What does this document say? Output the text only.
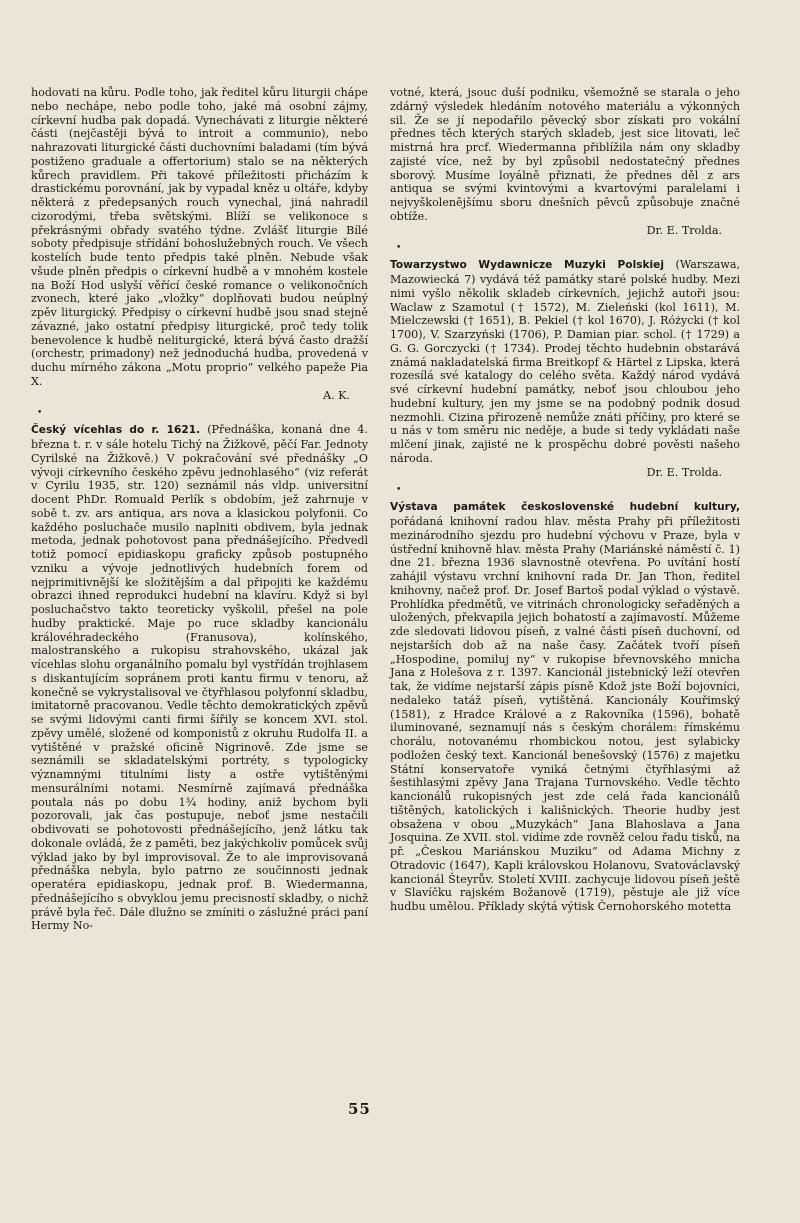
hodovati na kůru. Podle toho, jak ředitel kůru liturgii chápe nebo nechápe, nebo podle toho, jaké má osobní zájmy, církevní hudba pak dopadá. Vynechávati z liturgie některé části (nejčastěji bývá to introit a communio), nebo nahrazovati liturgické části duchovními baladami (tím bývá postiženo graduale a offertorium) stalo se na některých kůrech pravidlem. Při takové příležitosti přicházím k drastickému porovnání, jak by vypadal kněz u oltáře, kdyby některá z předepsaných rouch vynechal, jiná nahradil cizorodými, třeba světskými. Blíží se velikonoce s překrásnými obřady svatého týdne. Zvlášť liturgie Bílé soboty předpisuje střídání bohoslužebných rouch. Ve všech kostelích bude tento předpis také plněn. Nebude však všude plněn předpis o církevní hudbě a v mnohém kostele na Boží Hod uslyší věřící české romance o velikonočních zvonech, které jako „vložky“ doplňovati budou neúplný zpěv liturgický. Předpisy o církevní hudbě jsou snad stejně závazné, jako ostatní předpisy liturgické, proč tedy tolik benevolence k hudbě neliturgické, která bývá často dražší (orchestr, primadony) než jednoduchá hudba, provedená v duchu mírného zákona „Motu proprio“ velkého papeže Pia X.

A. K.

•

Český vícehlas do r. 1621. (Přednáška, konaná dne 4. března t. r. v sále hotelu Tichý na Žižkově, pěčí Far. Jednoty Cyrilské na Žižkově.) V pokračování své přednášky „O vývoji církevního českého zpěvu jednohlasého“ (viz referát v Cyrilu 1935, str. 120) seznámil nás vldp. universitní docent PhDr. Romuald Perlík s obdobím, jež zahrnuje v sobě t. zv. ars antiqua, ars nova a klasickou polyfonii. Co každého posluchače musilo naplniti obdivem, byla jednak metoda, jednak pohotovost pana přednášejícího. Předvedl totiž pomocí epidiaskopu graficky způsob postupného vzniku a vývoje jednotlivých hudebních forem od nejprimitivnější ke složitějším a dal připojiti ke každému obrazci ihned reprodukci hudební na klavíru. Když si byl posluchačstvo takto teoreticky vyškolil, přešel na pole hudby praktické. Maje po ruce skladby kancionálu královéhradeckého (Franusova), kolínského, malostranského a rukopisu strahovského, ukázal jak vícehlas slohu organálního pomalu byl vystřídán trojhlasem s diskantujícím sopránem proti kantu firmu v tenoru, až konečně se vykrystalisoval ve čtyřhlasou polyfonní skladbu, imitatorně pracovanou. Vedle těchto demokratických zpěvů se svými lidovými canti firmi šířily se koncem XVI. stol. zpěvy umělé, složené od komponistů z okruhu Rudolfa II. a vytištěné v pražské oficině Nigrinově. Zde jsme se seznámili se skladatelskými portréty, s typologicky významnými titulními listy a ostře vytištěnými mensurálními notami. Nesmírně zajímavá přednáška poutala nás po dobu 1¾ hodiny, aniž bychom byli pozorovali, jak čas postupuje, neboť jsme nestačili obdivovati se pohotovosti přednášejícího, jenž látku tak dokonale ovládá, že z paměti, bez jakýchkoliv pomůcek svůj výklad jako by byl improvisoval. Že to ale improvisovaná přednáška nebyla, bylo patrno ze součinnosti jednak operatéra epidiaskopu, jednak prof. B. Wiedermanna, přednášejícího s obvyklou jemu precisností skladby, o nichž právě byla řeč. Dále dlužno se zmíniti o záslužné práci paní Hermy No-

votné, která, jsouc duší podniku, všemožně se starala o jeho zdárný výsledek hledáním notového materiálu a výkonných sil. Že se jí nepodařilo pěvecký sbor získati pro vokální přednes těch kterých starých skladeb, jest sice litovati, leč mistrná hra prcf. Wiedermanna přiblížila nám ony skladby zajisté více, než by byl způsobil nedostatečný přednes sborový. Musíme loyálně přiznati, že přednes děl z ars antiqua se svými kvintovými a kvartovými paralelami i nejvyškolenějšímu sboru dnešních pěvců způsobuje značné obtíže.

Dr. E. Trolda.

•

Towarzystwo Wydawnicze Muzyki Polskiej (Warszawa, Mazowiecká 7) vydává též památky staré polské hudby. Mezi nimi vyšlo několik skladeb církevních, jejichž autoři jsou: Waclaw z Szamotul († 1572), M. Zieleński (kol 1611), M. Mielczewski († 1651), B. Pekiel († kol 1670), J. Różycki († kol 1700), V. Szarzyński (1706), P. Damian piar. schol. († 1729) a G. G. Gorczycki († 1734). Prodej těchto hudebnin obstarává známá nakladatelská firma Breitkopf & Härtel z Lipska, která rozesílá své katalogy do celého světa. Každý národ vydává své církevní hudební památky, neboť jsou chloubou jeho hudební kultury, jen my jsme se na podobný podnik dosud nezmohli. Cizina přirozeně nemůže znáti příčiny, pro které se u nás v tom směru nic neděje, a bude si tedy vykládati naše mlčení jinak, zajisté ne k prospěchu dobré pověsti našeho národa.

Dr. E. Trolda.

•

Výstava památek československé hudební kultury, pořádaná knihovní radou hlav. města Prahy při příležitosti mezinárodního sjezdu pro hudební výchovu v Praze, byla v ústřední knihovně hlav. města Prahy (Mariánské náměstí č. 1) dne 21. března 1936 slavnostně otevřena. Po uvítání hostí zahájil výstavu vrchní knihovní rada Dr. Jan Thon, ředitel knihovny, načež prof. Dr. Josef Bartoš podal výklad o výstavě. Prohlídka předmětů, ve vitrinách chronologicky seřaděných a uložených, překvapila jejich bohatostí a zajímavostí. Můžeme zde sledovati lidovou píseň, z valné části píseň duchovní, od nejstarších dob až na naše časy. Začátek tvoří píseň „Hospodine, pomiluj ny“ v rukopise břevnovského mnicha Jana z Holešova z r. 1397. Kancionál jistebnický leží otevřen tak, že vidíme nejstarší zápis písně Kdož jste Boží bojovníci, nedaleko tatáž píseň, vytištěná. Kancionály Kouřimský (1581), z Hradce Králové a z Rakovníka (1596), bohatě iluminované, seznamují nás s českým chorálem: římskému chorálu, notovanému rhombickou notou, jest sylabicky podložen český text. Kancionál benešovský (1576) z majetku Státní konservatoře vyniká četnými čtyřhlasými až šestihlasými zpěvy Jana Trajana Turnovského. Vedle těchto kancionálů rukopisných jest zde celá řada kancionálů tištěných, katolických i kališnických. Theorie hudby jest obsažena v obou „Muzykách“ Jana Blahoslava a Jana Josquina. Ze XVII. stol. vidíme zde rovněž celou řadu tisků, na př. „Českou Mariánskou Muziku“ od Adama Michny z Otradovic (1647), Kapli královskou Holanovu, Svatováclavský kancionál Šteyrův. Století XVIII. zachycuje lidovou píseň ještě v Slavíčku rajském Božanově (1719), pěstuje ale již více hudbu umělou. Příklady skýtá výtisk Černohorského motetta

55
